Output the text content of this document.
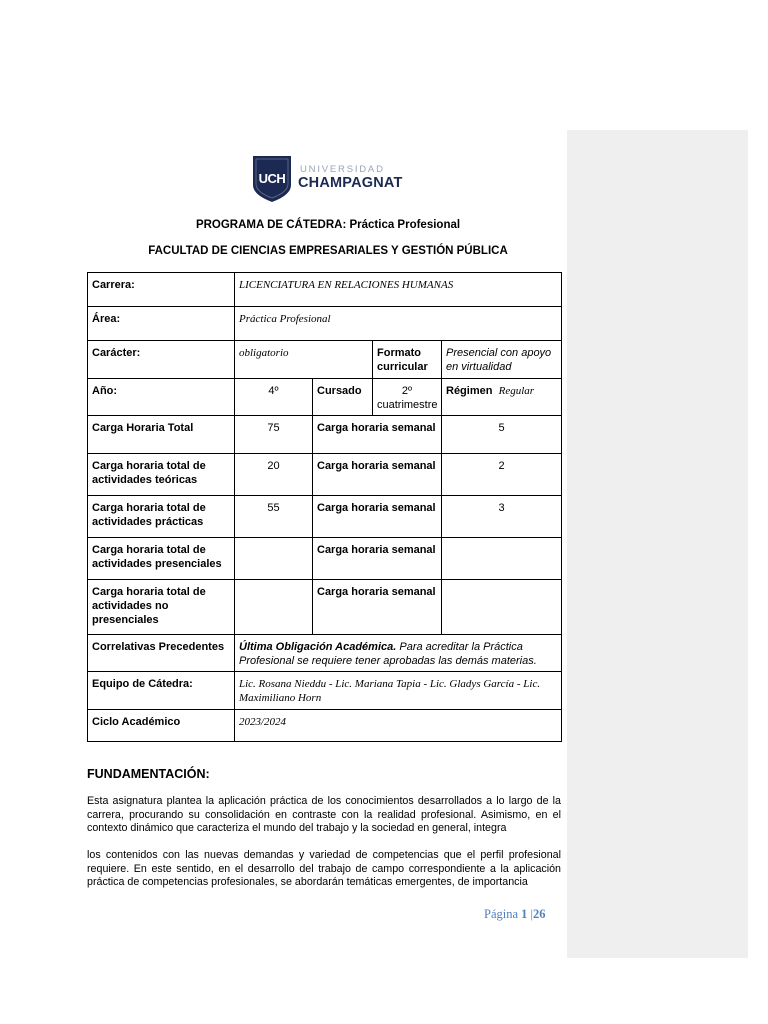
UCH
UNIVERSIDAD
CHAMPAGNAT
PROGRAMA DE CÁTEDRA: Práctica Profesional
FACULTAD DE CIENCIAS EMPRESARIALES Y GESTIÓN PÚBLICA
Carrera:	LICENCIATURA EN RELACIONES HUMANAS			
Área:	Práctica Profesional			
Carácter:	obligatorio		Formato curricular	Presencial con apoyo en virtualidad
Año:	4º	Cursado	2º cuatrimestre	Régimen Regular
Carga Horaria Total	75	Carga horaria semanal		5
Carga horaria total de actividades teóricas	20	Carga horaria semanal		2
Carga horaria total de actividades prácticas	55	Carga horaria semanal		3
Carga horaria total de actividades presenciales		Carga horaria semanal		
Carga horaria total de actividades no presenciales		Carga horaria semanal		
Correlativas Precedentes	Última Obligación Académica. Para acreditar la Práctica Profesional se requiere tener aprobadas las demás materias.			
Equipo de Cátedra:	Lic. Rosana Nieddu - Lic. Mariana Tapia - Lic. Gladys García - Lic. Maximiliano Horn			
Ciclo Académico	2023/2024			
FUNDAMENTACIÓN:
Esta asignatura plantea la aplicación práctica de los conocimientos desarrollados a lo largo de la carrera, procurando su consolidación en contraste con la realidad profesional. Asimismo, en el contexto dinámico que caracteriza el mundo del trabajo y la sociedad en general, integra
los contenidos con las nuevas demandas y variedad de competencias que el perfil profesional requiere. En este sentido, en el desarrollo del trabajo de campo correspondiente a la aplicación práctica de competencias profesionales, se abordarán temáticas emergentes, de importancia
Página 1 |26
